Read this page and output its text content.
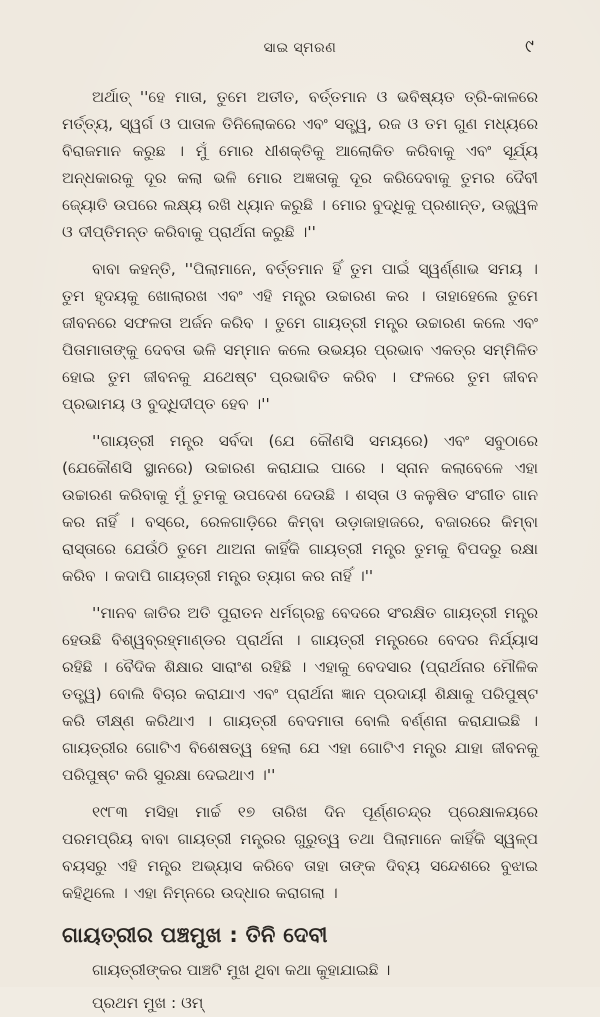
ସାଇ ସ୍ମରଣ	୯

ଅର୍ଥାତ୍ ''ହେ ମାତା, ତୁମେ ଅତୀତ, ବର୍ତ୍ତମାନ ଓ ଭବିଷ୍ୟତ ତ୍ରି-କାଳରେ ମର୍ତ୍ତ୍ୟ, ସ୍ୱର୍ଗ ଓ ପାତାଳ ତିନିଲୋକରେ ଏବଂ ସତ୍ତ୍ୱ, ରଜ ଓ ତମ ଗୁଣ ମଧ୍ୟରେ ବିରାଜମାନ କରୁଛ । ମୁଁ ମୋର ଧୀଶକ୍ତିକୁ ଆଲୋକିତ କରିବାକୁ ଏବଂ ସୂର୍ଯ୍ୟ ଅନ୍ଧକାରକୁ ଦୂର କଲା ଭଳି ମୋର ଅଜ୍ଞତାକୁ ଦୂର କରିଦେବାକୁ ତୁମର ଦୈବୀ ଜ୍ୟୋତି ଉପରେ ଲକ୍ଷ୍ୟ ରଖି ଧ୍ୟାନ କରୁଛି । ମୋର ବୁଦ୍ଧିକୁ ପ୍ରଶାନ୍ତ, ଉଜ୍ଜ୍ୱଳ ଓ ଦୀପ୍ତିମନ୍ତ କରିବାକୁ ପ୍ରାର୍ଥନା କରୁଛି ।''

ବାବା କହନ୍ତି, ''ପିଲାମାନେ, ବର୍ତ୍ତମାନ ହିଁ ତୁମ ପାଇଁ ସ୍ୱର୍ଣ୍ଣାଭ ସମୟ । ତୁମ ହୃଦୟକୁ ଖୋଲାରଖ ଏବଂ ଏହି ମନ୍ତ୍ର ଉଚ୍ଚାରଣ କର । ତାହାହେଲେ ତୁମେ ଜୀବନରେ ସଫଳତା ଅର୍ଜନ କରିବ । ତୁମେ ଗାୟତ୍ରୀ ମନ୍ତ୍ର ଉଚ୍ଚାରଣ କଲେ ଏବଂ ପିତାମାତାଙ୍କୁ ଦେବତା ଭଳି ସମ୍ମାନ କଲେ ଉଭୟର ପ୍ରଭାବ ଏକତ୍ର ସମ୍ମିଳିତ ହୋଇ ତୁମ ଜୀବନକୁ ଯଥେଷ୍ଟ ପ୍ରଭାବିତ କରିବ । ଫଳରେ ତୁମ ଜୀବନ ପ୍ରଭାମୟ ଓ ବୁଦ୍ଧିଦୀପ୍ତ ହେବ ।''

''ଗାୟତ୍ରୀ ମନ୍ତ୍ର ସର୍ବଦା (ଯେ କୌଣସି ସମୟରେ) ଏବଂ ସବୁଠାରେ (ଯେକୌଣସି ସ୍ଥାନରେ) ଉଚ୍ଚାରଣ କରାଯାଇ ପାରେ । ସ୍ନାନ କଲାବେଳେ ଏହା ଉଚ୍ଚାରଣ କରିବାକୁ ମୁଁ ତୁମକୁ ଉପଦେଶ ଦେଉଛି । ଶସ୍ତା ଓ କଳୁଷିତ ସଂଗୀତ ଗାନ କର ନାହିଁ । ବସ୍‌ରେ, ରେଳଗାଡ଼ିରେ କିମ୍ବା ଉଡ଼ାଜାହାଜରେ, ବଜାରରେ କିମ୍ବା ରାସ୍ତାରେ ଯେଉଁଠି ତୁମେ ଥାଅନା କାହିଁକି ଗାୟତ୍ରୀ ମନ୍ତ୍ର ତୁମକୁ ବିପଦରୁ ରକ୍ଷା କରିବ । କଦାପି ଗାୟତ୍ରୀ ମନ୍ତ୍ର ତ୍ୟାଗ କର ନାହିଁ ।''

''ମାନବ ଜାତିର ଅତି ପୁରାତନ ଧର୍ମଗ୍ରନ୍ଥ ବେଦରେ ସଂରକ୍ଷିତ ଗାୟତ୍ରୀ ମନ୍ତ୍ର ହେଉଛି ବିଶ୍ୱବ୍ରହ୍ମାଣ୍ଡର ପ୍ରାର୍ଥନା । ଗାୟତ୍ରୀ ମନ୍ତ୍ରରେ ବେଦର ନିର୍ଯ୍ୟାସ ରହିଛି । ବୈଦିକ ଶିକ୍ଷାର ସାରାଂଶ ରହିଛି । ଏହାକୁ ବେଦସାର (ପ୍ରାର୍ଥନାର ମୌଳିକ ତତ୍ତ୍ୱ) ବୋଲି ବିଚାର କରାଯାଏ ଏବଂ ପ୍ରାର୍ଥନା ଜ୍ଞାନ ପ୍ରଦାୟୀ ଶିକ୍ଷାକୁ ପରିପୁଷ୍ଟ କରି ତୀକ୍ଷ୍ଣ କରିଥାଏ । ଗାୟତ୍ରୀ ବେଦମାତା ବୋଲି ବର୍ଣ୍ଣନା କରାଯାଇଛି । ଗାୟତ୍ରୀର ଗୋଟିଏ ବିଶେଷତ୍ୱ ହେଲା ଯେ ଏହା ଗୋଟିଏ ମନ୍ତ୍ର ଯାହା ଜୀବନକୁ ପରିପୁଷ୍ଟ କରି ସୁରକ୍ଷା ଦେଇଥାଏ ।''

୧୯୮୩ ମସିହା ମାର୍ଚ୍ଚ ୧୭ ତାରିଖ ଦିନ ପୂର୍ଣ୍ଣଚନ୍ଦ୍ର ପ୍ରେକ୍ଷାଳୟରେ ପରମପ୍ରିୟ ବାବା ଗାୟତ୍ରୀ ମନ୍ତ୍ରର ଗୁରୁତ୍ୱ ତଥା ପିଲାମାନେ କାହିଁକି ସ୍ୱଳ୍ପ ବୟସରୁ ଏହି ମନ୍ତ୍ର ଅଭ୍ୟାସ କରିବେ ତାହା ତାଙ୍କ ଦିବ୍ୟ ସନ୍ଦେଶରେ ବୁଝାଇ କହିଥିଲେ । ଏହା ନିମ୍ନରେ ଉଦ୍ଧାର କରାଗଲା ।

ଗାୟତ୍ରୀର ପଞ୍ଚମୁଖ : ତିନି ଦେବୀ

ଗାୟତ୍ରୀଙ୍କର ପାଞ୍ଚଟି ମୁଖ ଥିବା କଥା କୁହାଯାଇଛି ।

ପ୍ରଥମ ମୁଖ : ଓମ୍
